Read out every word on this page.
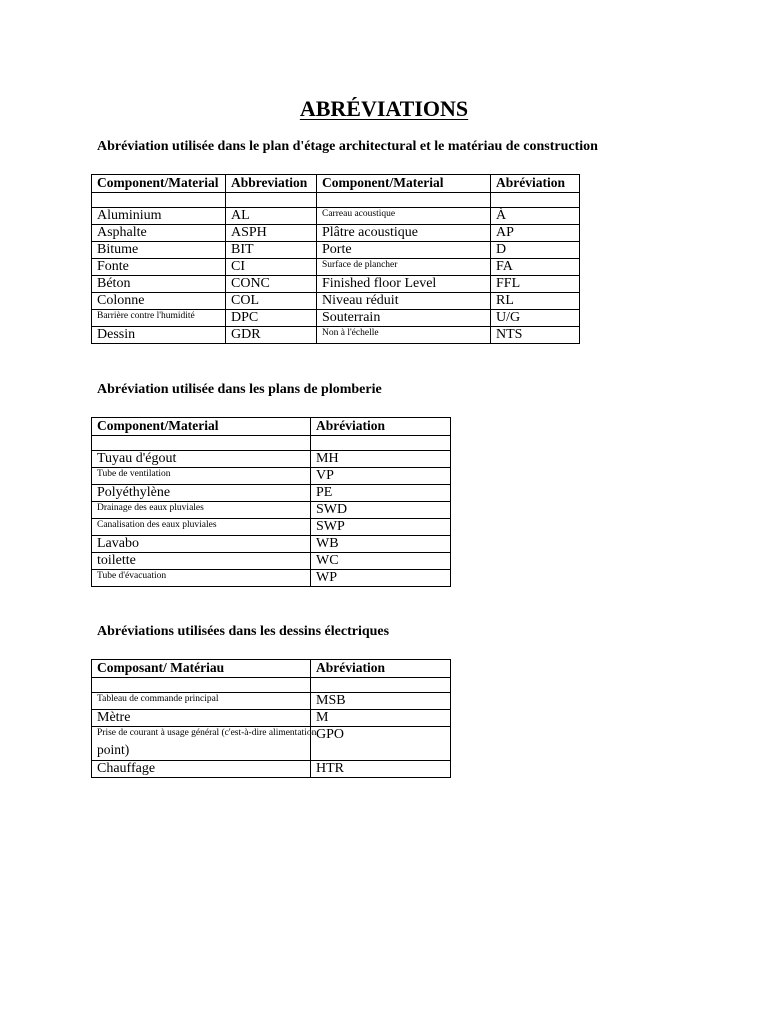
ABRÉVIATIONS
Abréviation utilisée dans le plan d'étage architectural et le matériau de construction
Component/Material	Abbreviation	Component/Material	Abréviation

Aluminium	AL	Carreau acoustique	À
Asphalte	ASPH	Plâtre acoustique	AP
Bitume	BIT	Porte	D
Fonte	CI	Surface de plancher	FA
Béton	CONC	Finished floor Level	FFL
Colonne	COL	Niveau réduit	RL
Barrière contre l'humidité	DPC	Souterrain	U/G
Dessin	GDR	Non à l'échelle	NTS
Abréviation utilisée dans les plans de plomberie
Component/Material	Abréviation

Tuyau d'égout	MH
Tube de ventilation	VP
Polyéthylène	PE
Drainage des eaux pluviales	SWD
Canalisation des eaux pluviales	SWP
Lavabo	WB
toilette	WC
Tube d'évacuation	WP
Abréviations utilisées dans les dessins électriques
Composant/ Matériau	Abréviation

Tableau de commande principal	MSB
Mètre	M

Prise de courant à usage général (c'est-à-dire alimentation
point)	GPO
Chauffage	HTR
